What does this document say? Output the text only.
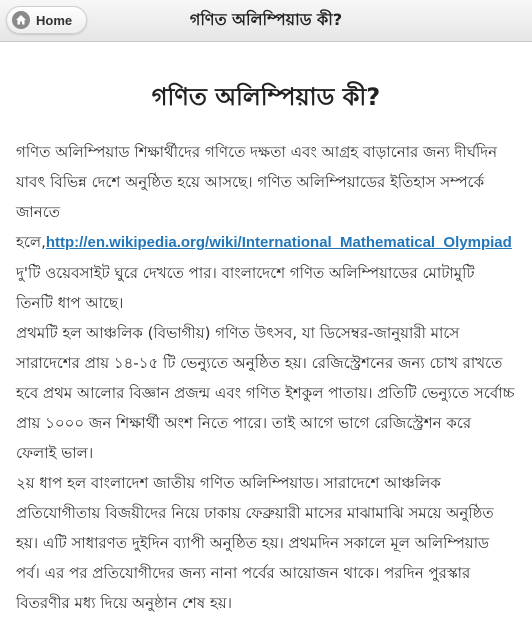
Home	গণিত অলিম্পিয়াড কী?
গণিত অলিম্পিয়াড কী?

গণিত অলিম্পিয়াড শিক্ষার্থীদের গণিতে দক্ষতা এবং আগ্রহ বাড়ানোর জন্য দীর্ঘদিন যাবৎ বিভিন্ন দেশে অনুষ্ঠিত হয়ে আসছে। গণিত অলিম্পিয়াডের ইতিহাস সম্পর্কে জানতে হলে,http://en.wikipedia.org/wiki/International_Mathematical_Olympiad
দু'টি ওয়েবসাইট ঘুরে দেখতে পার। বাংলাদেশে গণিত অলিম্পিয়াডের মোটামুটি তিনটি ধাপ আছে।

প্রথমটি হল আঞ্চলিক (বিভাগীয়) গণিত উৎসব, যা ডিসেম্বর-জানুয়ারী মাসে সারাদেশের প্রায় ১৪-১৫ টি ভেন্যুতে অনুষ্ঠিত হয়। রেজিস্ট্রেশনের জন্য চোখ রাখতে হবে প্রথম আলোর বিজ্ঞান প্রজন্ম এবং গণিত ইশকুল পাতায়। প্রতিটি ভেন্যুতে সর্বোচ্চ প্রায় ১০০০ জন শিক্ষার্থী অংশ নিতে পারে। তাই আগে ভাগে রেজিস্ট্রেশন করে ফেলাই ভাল।

২য় ধাপ হল বাংলাদেশ জাতীয় গণিত অলিম্পিয়াড। সারাদেশে আঞ্চলিক প্রতিযোগীতায় বিজয়ীদের নিয়ে ঢাকায় ফেব্রুয়ারী মাসের মাঝামাঝি সময়ে অনুষ্ঠিত হয়। এটি সাধারণত দুইদিন ব্যাপী অনুষ্ঠিত হয়। প্রথমদিন সকালে মূল অলিম্পিয়াড পর্ব। এর পর প্রতিযোগীদের জন্য নানা পর্বের আয়োজন থাকে। পরদিন পুরস্কার বিতরণীর মধ্য দিয়ে অনুষ্ঠান শেষ হয়।
